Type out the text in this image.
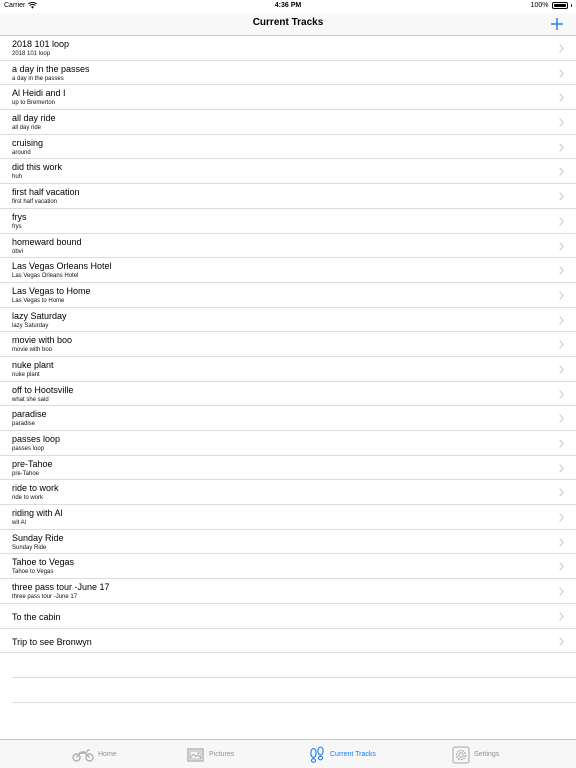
Carrier	4:36 PM	100%
Current Tracks
2018 101 loop
2018 101 loop
a day in the passes
a day in the passes
Al Heidi and I
up to Bremerton
all day ride
all day ride
cruising
around
did this work
huh
first half vacation
first half vacation
frys
frys
homeward bound
obvi
Las Vegas Orleans Hotel
Las Vegas Orleans Hotel
Las Vegas to Home
Las Vegas to Home
lazy Saturday
lazy Saturday
movie with boo
movie with boo
nuke plant
nuke plant
off to Hootsville
what she said
paradise
paradise
passes loop
passes loop
pre-Tahoe
pre-Tahoe
ride to work
ride to work
riding with Al
wit Al
Sunday Ride
Sunday Ride
Tahoe to Vegas
Tahoe to Vegas
three pass tour -June 17
three pass tour -June 17
To the cabin
Trip to see Bronwyn
Home	Pictures	Current Tracks	Settings
